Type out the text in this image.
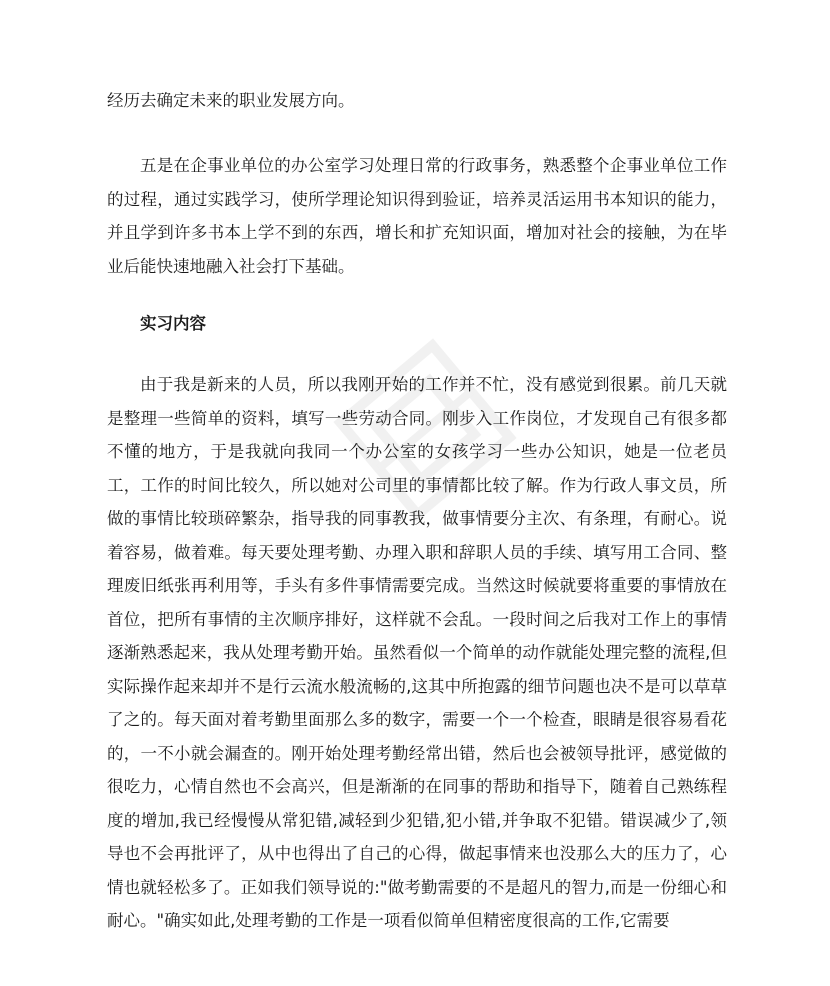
经历去确定未来的职业发展方向。
五是在企事业单位的办公室学习处理日常的行政事务，熟悉整个企事业单位工作的过程，通过实践学习，使所学理论知识得到验证，培养灵活运用书本知识的能力，并且学到许多书本上学不到的东西，增长和扩充知识面，增加对社会的接触，为在毕业后能快速地融入社会打下基础。
实习内容
由于我是新来的人员，所以我刚开始的工作并不忙，没有感觉到很累。前几天就是整理一些简单的资料，填写一些劳动合同。刚步入工作岗位，才发现自己有很多都不懂的地方，于是我就向我同一个办公室的女孩学习一些办公知识，她是一位老员工，工作的时间比较久，所以她对公司里的事情都比较了解。作为行政人事文员，所做的事情比较琐碎繁杂，指导我的同事教我，做事情要分主次、有条理，有耐心。说着容易，做着难。每天要处理考勤、办理入职和辞职人员的手续、填写用工合同、整理废旧纸张再利用等，手头有多件事情需要完成。当然这时候就要将重要的事情放在首位，把所有事情的主次顺序排好，这样就不会乱。一段时间之后我对工作上的事情逐渐熟悉起来，我从处理考勤开始。虽然看似一个简单的动作就能处理完整的流程,但实际操作起来却并不是行云流水般流畅的,这其中所抱露的细节问题也决不是可以草草了之的。每天面对着考勤里面那么多的数字，需要一个一个检查，眼睛是很容易看花的，一不小就会漏查的。刚开始处理考勤经常出错，然后也会被领导批评，感觉做的很吃力，心情自然也不会高兴，但是渐渐的在同事的帮助和指导下，随着自己熟练程度的增加,我已经慢慢从常犯错,减轻到少犯错,犯小错,并争取不犯错。错误减少了,领导也不会再批评了，从中也得出了自己的心得，做起事情来也没那么大的压力了，心情也就轻松多了。正如我们领导说的:"做考勤需要的不是超凡的智力,而是一份细心和耐心。"确实如此,处理考勤的工作是一项看似简单但精密度很高的工作,它需要
